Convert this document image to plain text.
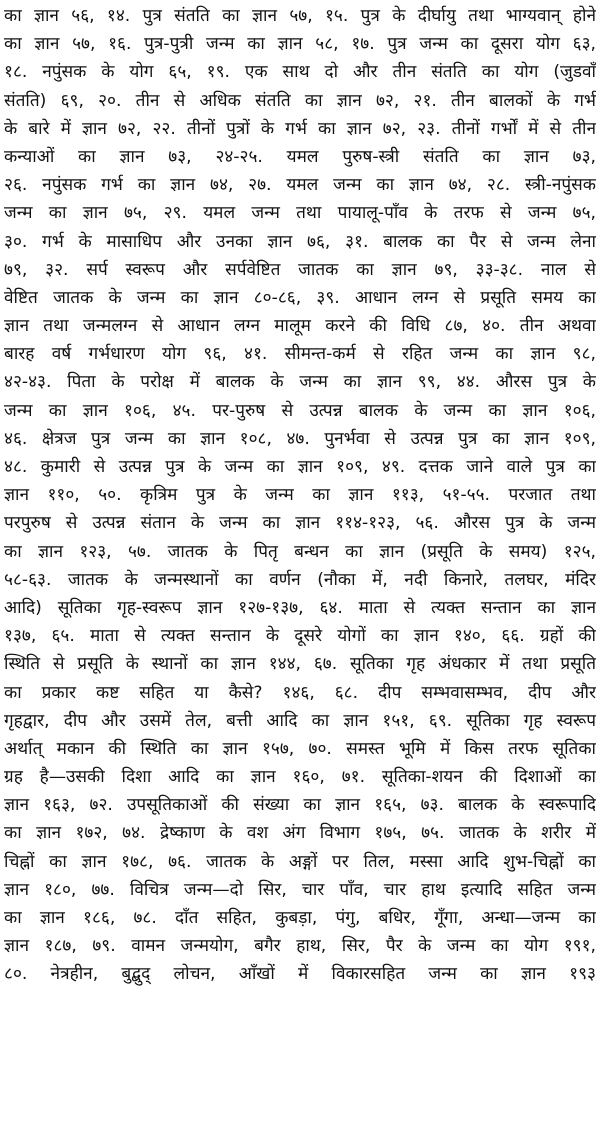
का ज्ञान ५६, १४. पुत्र संतति का ज्ञान ५७, १५. पुत्र के दीर्घायु तथा भाग्यवान् होने
का ज्ञान ५७, १६. पुत्र-पुत्री जन्म का ज्ञान ५८, १७. पुत्र जन्म का दूसरा योग ६३,
१८. नपुंसक के योग ६५, १९. एक साथ दो और तीन संतति का योग (जुडवाँ
संतति) ६९, २०. तीन से अधिक संतति का ज्ञान ७२, २१. तीन बालकों के गर्भ
के बारे में ज्ञान ७२, २२. तीनों पुत्रों के गर्भ का ज्ञान ७२, २३. तीनों गर्भों में से तीन
कन्याओं का ज्ञान ७३, २४-२५. यमल पुरुष-स्त्री संतति का ज्ञान ७३,
२६. नपुंसक गर्भ का ज्ञान ७४, २७. यमल जन्म का ज्ञान ७४, २८. स्त्री-नपुंसक
जन्म का ज्ञान ७५, २९. यमल जन्म तथा पायालू-पाँव के तरफ से जन्म ७५,
३०. गर्भ के मासाधिप और उनका ज्ञान ७६, ३१. बालक का पैर से जन्म लेना
७९, ३२. सर्प स्वरूप और सर्पवेष्टित जातक का ज्ञान ७९, ३३-३८. नाल से
वेष्टित जातक के जन्म का ज्ञान ८०-८६, ३९. आधान लग्न से प्रसूति समय का
ज्ञान तथा जन्मलग्न से आधान लग्न मालूम करने की विधि ८७, ४०. तीन अथवा
बारह वर्ष गर्भधारण योग ९६, ४१. सीमन्त-कर्म से रहित जन्म का ज्ञान ९८,
४२-४३. पिता के परोक्ष में बालक के जन्म का ज्ञान ९९, ४४. औरस पुत्र के
जन्म का ज्ञान १०६, ४५. पर-पुरुष से उत्पन्न बालक के जन्म का ज्ञान १०६,
४६. क्षेत्रज पुत्र जन्म का ज्ञान १०८, ४७. पुनर्भवा से उत्पन्न पुत्र का ज्ञान १०९,
४८. कुमारी से उत्पन्न पुत्र के जन्म का ज्ञान १०९, ४९. दत्तक जाने वाले पुत्र का
ज्ञान ११०, ५०. कृत्रिम पुत्र के जन्म का ज्ञान ११३, ५१-५५. परजात तथा
परपुरुष से उत्पन्न संतान के जन्म का ज्ञान ११४-१२३, ५६. औरस पुत्र के जन्म
का ज्ञान १२३, ५७. जातक के पितृ बन्धन का ज्ञान (प्रसूति के समय) १२५,
५८-६३. जातक के जन्मस्थानों का वर्णन (नौका में, नदी किनारे, तलघर, मंदिर
आदि) सूतिका गृह-स्वरूप ज्ञान १२७-१३७, ६४. माता से त्यक्त सन्तान का ज्ञान
१३७, ६५. माता से त्यक्त सन्तान के दूसरे योगों का ज्ञान १४०, ६६. ग्रहों की
स्थिति से प्रसूति के स्थानों का ज्ञान १४४, ६७. सूतिका गृह अंधकार में तथा प्रसूति
का प्रकार कष्ट सहित या कैसे? १४६, ६८. दीप सम्भवासम्भव, दीप और
गृहद्वार, दीप और उसमें तेल, बत्ती आदि का ज्ञान १५१, ६९. सूतिका गृह स्वरूप
अर्थात् मकान की स्थिति का ज्ञान १५७, ७०. समस्त भूमि में किस तरफ सूतिका
ग्रह है—उसकी दिशा आदि का ज्ञान १६०, ७१. सूतिका-शयन की दिशाओं का
ज्ञान १६३, ७२. उपसूतिकाओं की संख्या का ज्ञान १६५, ७३. बालक के स्वरूपादि
का ज्ञान १७२, ७४. द्रेष्काण के वश अंग विभाग १७५, ७५. जातक के शरीर में
चिह्नों का ज्ञान १७८, ७६. जातक के अङ्गों पर तिल, मस्सा आदि शुभ-चिह्नों का
ज्ञान १८०, ७७. विचित्र जन्म—दो सिर, चार पाँव, चार हाथ इत्यादि सहित जन्म
का ज्ञान १८६, ७८. दाँत सहित, कुबड़ा, पंगु, बधिर, गूँगा, अन्धा—जन्म का
ज्ञान १८७, ७९. वामन जन्मयोग, बगैर हाथ, सिर, पैर के जन्म का योग १९१,
८०. नेत्रहीन, बुद्बुद् लोचन, आँखों में विकारसहित जन्म का ज्ञान १९३
